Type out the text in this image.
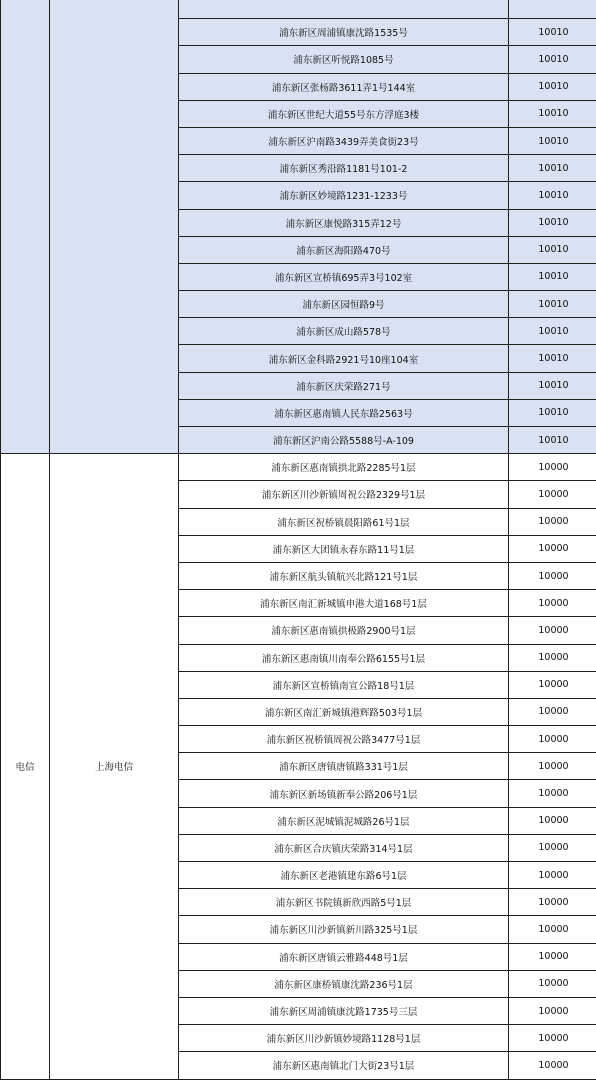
		浦东新区周浦镇康沈路1535号	10010
		浦东新区听悦路1085号	10010
		浦东新区张杨路3611弄1号144室	10010
		浦东新区世纪大道55号东方浮庭3楼	10010
		浦东新区沪南路3439弄美食街23号	10010
		浦东新区秀沿路1181号101-2	10010
		浦东新区妙境路1231-1233号	10010
		浦东新区康悦路315弄12号	10010
		浦东新区海阳路470号	10010
		浦东新区宣桥镇695弄3号102室	10010
		浦东新区园恒路9号	10010
		浦东新区成山路578号	10010
		浦东新区金科路2921号10座104室	10010
		浦东新区庆荣路271号	10010
		浦东新区惠南镇人民东路2563号	10010
		浦东新区沪南公路5588号-A-109	10010
电信	上海电信	浦东新区惠南镇拱北路2285号1层	10000
		浦东新区川沙新镇周祝公路2329号1层	10000
		浦东新区祝桥镇晨阳路61号1层	10000
		浦东新区大团镇永春东路11号1层	10000
		浦东新区航头镇航兴北路121号1层	10000
		浦东新区南汇新城镇申港大道168号1层	10000
		浦东新区惠南镇拱极路2900号1层	10000
		浦东新区惠南镇川南奉公路6155号1层	10000
		浦东新区宣桥镇南宣公路18号1层	10000
		浦东新区南汇新城镇港辉路503号1层	10000
		浦东新区祝桥镇周祝公路3477号1层	10000
		浦东新区唐镇唐镇路331号1层	10000
		浦东新区新场镇新奉公路206号1层	10000
		浦东新区泥城镇泥城路26号1层	10000
		浦东新区合庆镇庆荣路314号1层	10000
		浦东新区老港镇建东路6号1层	10000
		浦东新区书院镇新欣西路5号1层	10000
		浦东新区川沙新镇新川路325号1层	10000
		浦东新区唐镇云雅路448号1层	10000
		浦东新区康桥镇康沈路236号1层	10000
		浦东新区周浦镇康沈路1735号三层	10000
		浦东新区川沙新镇妙境路1128号1层	10000
		浦东新区惠南镇北门大街23号1层	10000
